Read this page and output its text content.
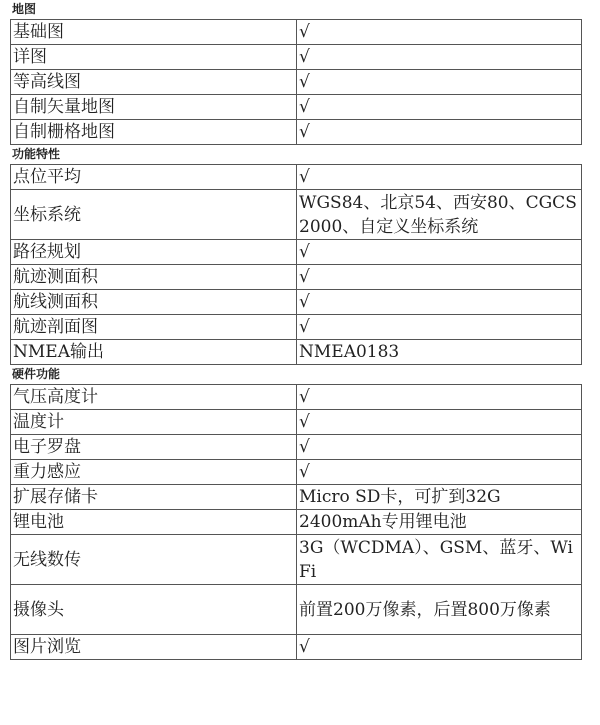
地图
基础图	√
详图	√
等高线图	√
自制矢量地图	√
自制栅格地图	√
功能特性
点位平均	√
坐标系统	WGS84、北京54、西安80、CGCS2000、自定义坐标系统
路径规划	√
航迹测面积	√
航线测面积	√
航迹剖面图	√
NMEA输出	NMEA0183
硬件功能
气压高度计	√
温度计	√
电子罗盘	√
重力感应	√
扩展存储卡	Micro SD卡，可扩到32G
锂电池	2400mAh专用锂电池
无线数传	3G（WCDMA）、GSM、蓝牙、WiFi
摄像头	前置200万像素，后置800万像素
图片浏览	√
